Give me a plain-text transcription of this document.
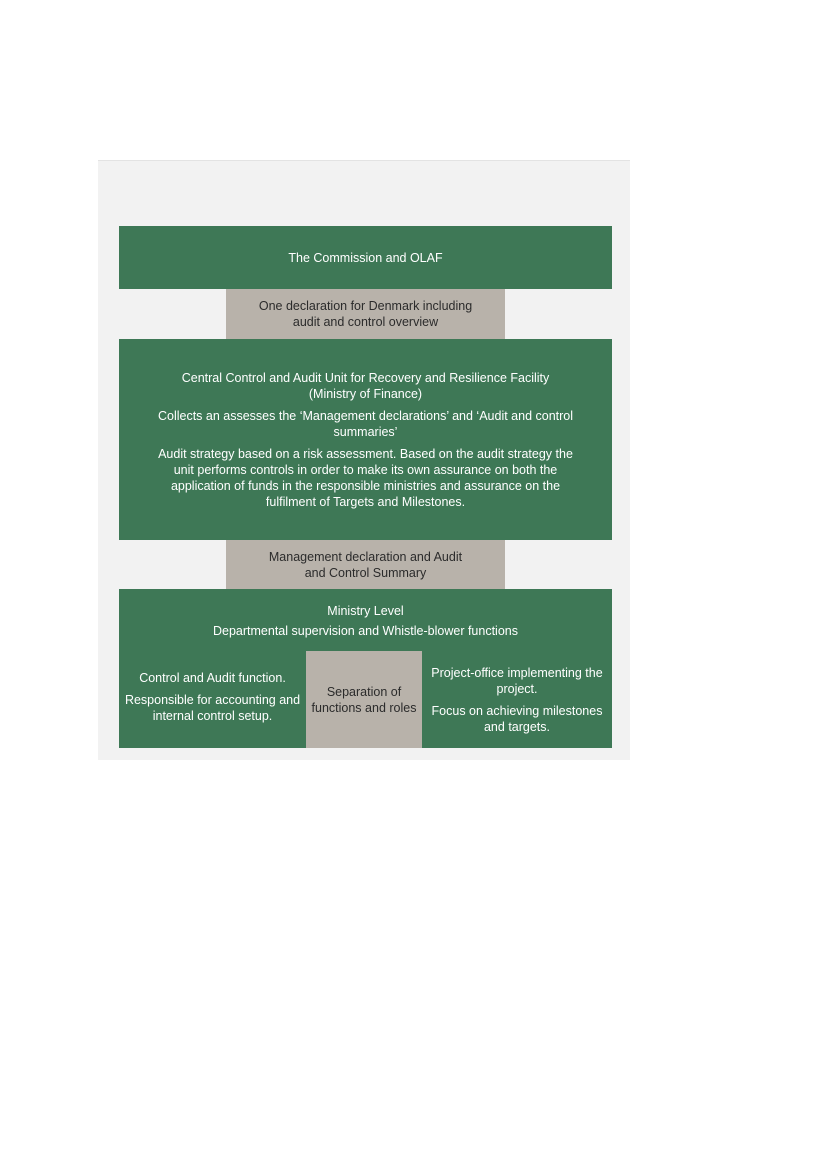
The Commission and OLAF

One declaration for Denmark including

audit and control overview

Central Control and Audit Unit for Recovery and Resilience Facility

(Ministry of Finance)

Collects an assesses the ‘Management declarations’ and ‘Audit and control summaries’

Audit strategy based on a risk assessment. Based on the audit strategy the unit performs controls in order to make its own assurance on both the application of funds in the responsible ministries and assurance on the fulfilment of Targets and Milestones.

Management declaration and Audit

and Control Summary

Ministry Level

Departmental supervision and Whistle-blower functions

Control and Audit function.

Responsible for accounting and internal control setup.

Separation of functions and roles

Project-office implementing the project.

Focus on achieving milestones and targets.
